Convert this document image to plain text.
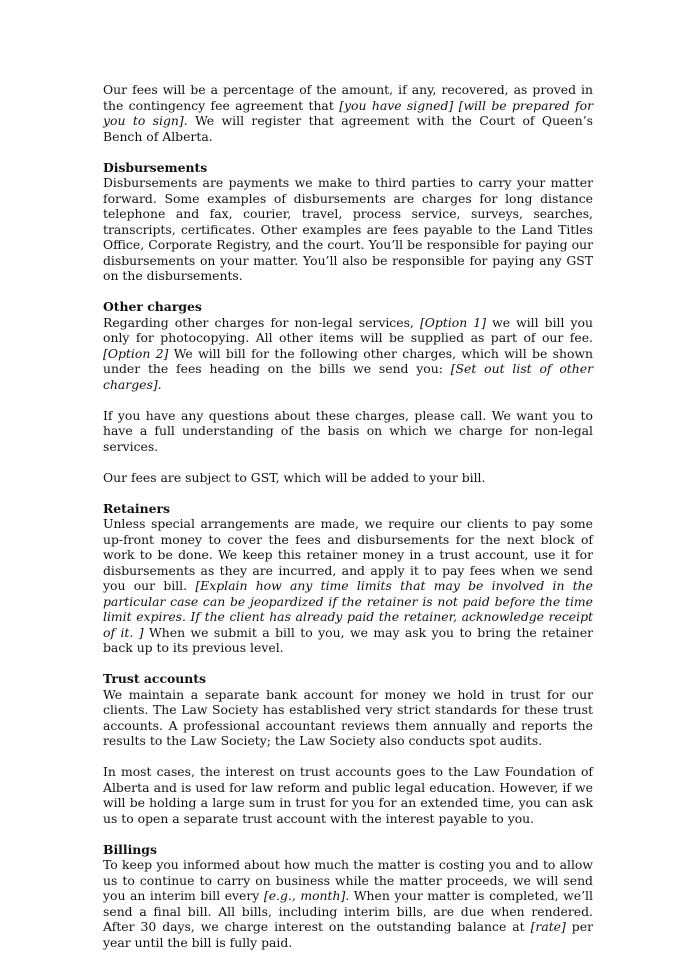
Our fees will be a percentage of the amount, if any, recovered, as proved in the contingency fee agreement that [you have signed] [will be prepared for you to sign]. We will register that agreement with the Court of Queen’s Bench of Alberta.

Disbursements

Disbursements are payments we make to third parties to carry your matter forward. Some examples of disbursements are charges for long distance telephone and fax, courier, travel, process service, surveys, searches, transcripts, certificates. Other examples are fees payable to the Land Titles Office, Corporate Registry, and the court. You’ll be responsible for paying our disbursements on your matter. You’ll also be responsible for paying any GST on the disbursements.

Other charges

Regarding other charges for non-legal services, [Option 1] we will bill you only for photocopying. All other items will be supplied as part of our fee. [Option 2] We will bill for the following other charges, which will be shown under the fees heading on the bills we send you: [Set out list of other charges].

If you have any questions about these charges, please call. We want you to have a full understanding of the basis on which we charge for non-legal services.

Our fees are subject to GST, which will be added to your bill.

Retainers

Unless special arrangements are made, we require our clients to pay some up-front money to cover the fees and disbursements for the next block of work to be done. We keep this retainer money in a trust account, use it for disbursements as they are incurred, and apply it to pay fees when we send you our bill. [Explain how any time limits that may be involved in the particular case can be jeopardized if the retainer is not paid before the time limit expires. If the client has already paid the retainer, acknowledge receipt of it. ] When we submit a bill to you, we may ask you to bring the retainer back up to its previous level.

Trust accounts

We maintain a separate bank account for money we hold in trust for our clients. The Law Society has established very strict standards for these trust accounts. A professional accountant reviews them annually and reports the results to the Law Society; the Law Society also conducts spot audits.

In most cases, the interest on trust accounts goes to the Law Foundation of Alberta and is used for law reform and public legal education. However, if we will be holding a large sum in trust for you for an extended time, you can ask us to open a separate trust account with the interest payable to you.

Billings

To keep you informed about how much the matter is costing you and to allow us to continue to carry on business while the matter proceeds, we will send you an interim bill every [e.g., month]. When your matter is completed, we’ll send a final bill. All bills, including interim bills, are due when rendered. After 30 days, we charge interest on the outstanding balance at [rate] per year until the bill is fully paid.
